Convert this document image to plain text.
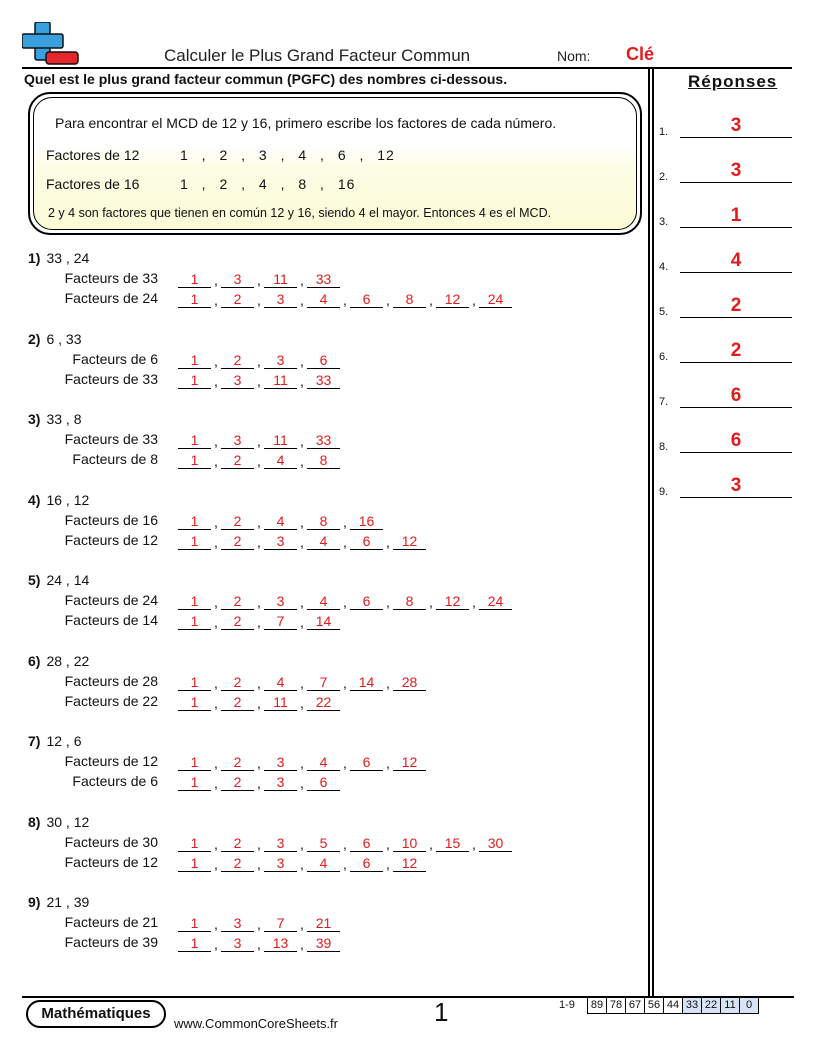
Calculer le Plus Grand Facteur Commun	Nom: Clé
Quel est le plus grand facteur commun (PGFC) des nombres ci-dessous.	Réponses
Para encontrar el MCD de 12 y 16, primero escribe los factores de cada número.
Factores de 12	1 , 2 , 3 , 4 , 6 , 12
Factores de 16	1 , 2 , 4 , 8 , 16
2 y 4 son factores que tienen en común 12 y 16, siendo 4 el mayor. Entonces 4 es el MCD.
1) 33 , 24
Facteurs de 33	1	,	3	, 11 , 33
Facteurs de 24	1	,	2	,	3	,	4	,	6	,	8	, 12 , 24
2) 6 , 33
Facteurs de 6	1	,	2	,	3	,	6
Facteurs de 33	1	,	3	, 11 , 33
3) 33 , 8
Facteurs de 33	1	,	3	, 11 , 33
Facteurs de 8	1	,	2	,	4	,	8
4) 16 , 12
Facteurs de 16	1	,	2	,	4	,	8	, 16
Facteurs de 12	1	,	2	,	3	,	4	,	6	, 12
5) 24 , 14
Facteurs de 24	1	,	2	,	3	,	4	,	6	,	8	, 12 , 24
Facteurs de 14	1	,	2	,	7	, 14
6) 28 , 22
Facteurs de 28	1	,	2	,	4	,	7	, 14 , 28
Facteurs de 22	1	,	2	, 11 , 22
7) 12 , 6
Facteurs de 12	1	,	2	,	3	,	4	,	6	, 12
Facteurs de 6	1	,	2	,	3	,	6
8) 30 , 12
Facteurs de 30	1	,	2	,	3	,	5	,	6	, 10 , 15 , 30
Facteurs de 12	1	,	2	,	3	,	4	,	6	, 12
9) 21 , 39
Facteurs de 21	1	,	3	,	7	, 21
Facteurs de 39	1	,	3	, 13 , 39
1.	3
2.	3
3.	1
4.	4
5.	2
6.	2
7.	6
8.	6
9.	3
Mathématiques
www.CommonCoreSheets.fr	1	1-9	89 78 67 56 44 33 22 11 0
